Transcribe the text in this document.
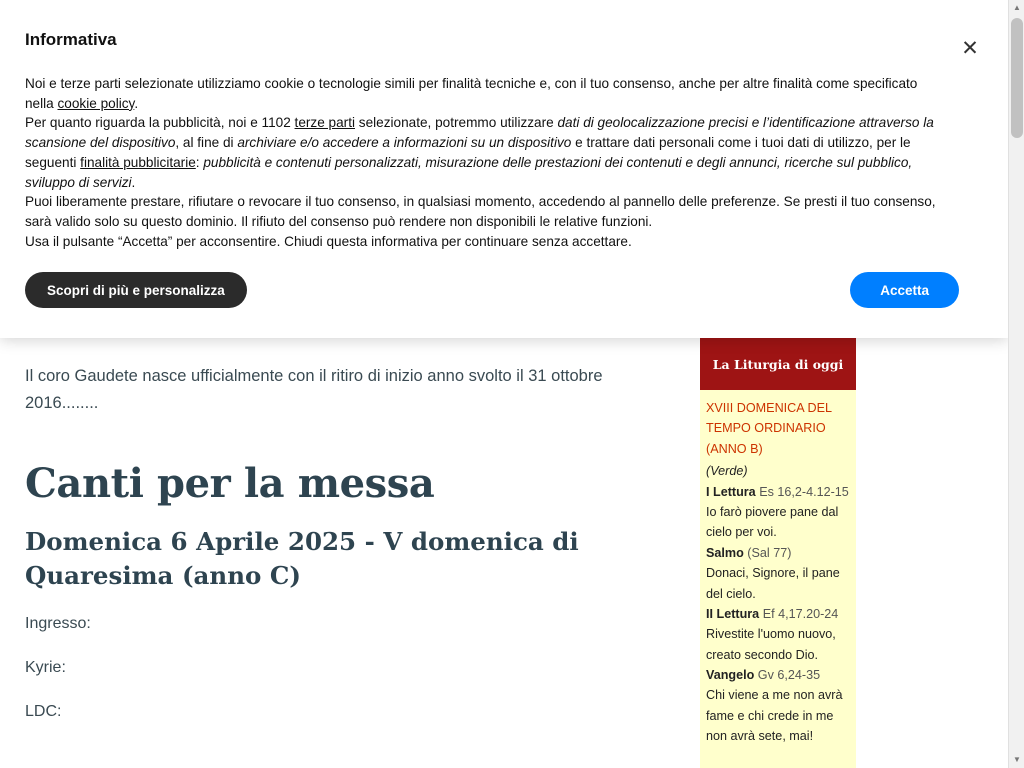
Il coro Gaudete nasce ufficialmente con il ritiro di inizio anno svolto il 31 ottobre 2016........
Canti per la messa
Domenica 6 Aprile 2025 - V domenica di Quaresima (anno C)

Ingresso:

Kyrie:

LDC:

La Liturgia di oggi
XVIII DOMENICA DEL TEMPO ORDINARIO (ANNO B)
(Verde)

I Lettura Es 16,2-4.12-15

Io farò piovere pane dal cielo per voi.

Salmo (Sal 77)

Donaci, Signore, il pane del cielo.

II Lettura Ef 4,17.20-24

Rivestite l'uomo nuovo, creato secondo Dio.

Vangelo Gv 6,24-35

Chi viene a me non avrà fame e chi crede in me non avrà sete, mai!

Informativa	✕

Noi e terze parti selezionate utilizziamo cookie o tecnologie simili per finalità tecniche e, con il tuo consenso, anche per altre finalità come specificato nella cookie policy.

Per quanto riguarda la pubblicità, noi e 1102 terze parti selezionate, potremmo utilizzare dati di geolocalizzazione precisi e l’identificazione attraverso la scansione del dispositivo, al fine di archiviare e/o accedere a informazioni su un dispositivo e trattare dati personali come i tuoi dati di utilizzo, per le seguenti finalità pubblicitarie: pubblicità e contenuti personalizzati, misurazione delle prestazioni dei contenuti e degli annunci, ricerche sul pubblico, sviluppo di servizi.

Puoi liberamente prestare, rifiutare o revocare il tuo consenso, in qualsiasi momento, accedendo al pannello delle preferenze. Se presti il tuo consenso, sarà valido solo su questo dominio. Il rifiuto del consenso può rendere non disponibili le relative funzioni.

Usa il pulsante “Accetta” per acconsentire. Chiudi questa informativa per continuare senza accettare.

Scopri di più e personalizza	Accetta
▲
▼
